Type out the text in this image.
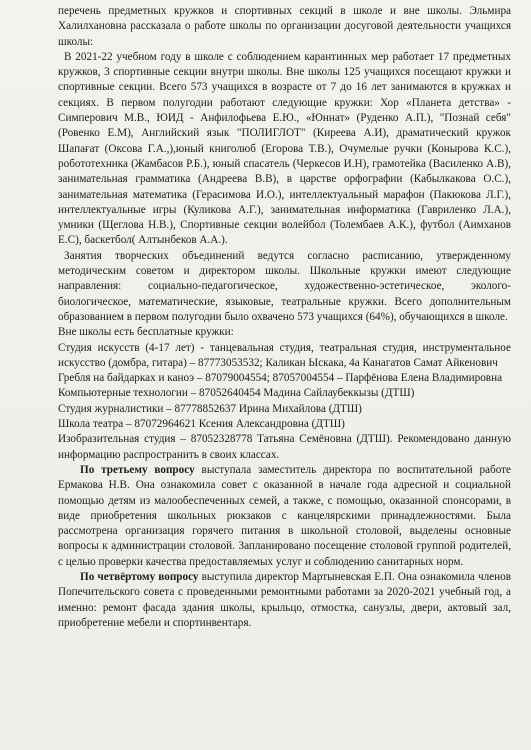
перечень предметных кружков и спортивных секций в школе и вне школы. Эльмира Халилхановна рассказала о работе школы по организации досуговой деятельности учащихся школы:

В 2021-22 учебном году в школе с соблюдением карантинных мер работает 17 предметных кружков, 3 спортивные секции внутри школы. Вне школы 125 учащихся посещают кружки и спортивные секции. Всего 573 учащихся в возрасте от 7 до 16 лет занимаются в кружках и секциях. В первом полугодии работают следующие кружки: Хор «Планета детства» - Симперович М.В., ЮИД - Анфилофьева Е.Ю., «Юннат» (Руденко А.П.), "Познай себя" (Ровенко Е.М), Английский язык "ПОЛИГЛОТ" (Киреева А.И), драматический кружок Шапағат (Оксова Г.А.,),юный книголюб (Егорова Т.В.), Очумелые ручки (Конырова К.С.), робототехника (Жамбасов Р.Б.), юный спасатель (Черкесов И.Н), грамотейка (Василенко А.В), занимательная грамматика (Андреева В.В), в царстве орфографии (Кабылкакова О.С.), занимательная математика (Герасимова И.О.), интеллектуальный марафон (Пакюкова Л.Г.), интеллектуальные игры (Куликова А.Г.), занимательная информатика (Гавриленко Л.А.), умники (Щеглова Н.В.), Спортивные секции волейбол (Толембаев А.К.), футбол (Аимханов Е.С), баскетбол( Алтынбеков А.А.).

Занятия творческих объединений ведутся согласно расписанию, утвержденному методическим советом и директором школы. Школьные кружки имеют следующие направления: социально-педагогическое, художественно-эстетическое, эколого-биологическое, математические, языковые, театральные кружки. Всего дополнительным образованием в первом полугодии было охвачено 573 учащихся (64%), обучающихся в школе.

Вне школы есть бесплатные кружки:

Студия искусств (4-17 лет) - танцевальная студия, театральная студия, инструментальное искусство (домбра, гитара) – 87773053532; Каликан Ыскака, 4а Канагатов Самат Айкенович

Гребля на байдарках и каноэ – 87079004554; 87057004554 – Парфёнова Елена Владимировна

Компьютерные технологии – 87052640454 Мадина Сайлаубеккызы (ДТШ)

Студия журналистики – 87778852637 Ирина Михайлова (ДТШ)

Школа театра – 87072964621 Ксения Александровна (ДТШ)

Изобразительная студия – 87052328778 Татьяна Семёновна (ДТШ). Рекомендовано данную информацию распространить в своих классах.

По третьему вопросу выступала заместитель директора по воспитательной работе Ермакова Н.В. Она ознакомила совет с оказанной в начале года адресной и социальной помощью детям из малообеспеченных семей, а также, с помощью, оказанной спонсорами, в виде приобретения школьных рюкзаков с канцелярскими принадлежностями. Была рассмотрена организация горячего питания в школьной столовой, выделены основные вопросы к администрации столовой. Запланировано посещение столовой группой родителей, с целью проверки качества предоставляемых услуг и соблюдению санитарных норм.

По четвёртому вопросу выступила директор Мартыневская Е.П. Она ознакомила членов Попечительского совета с проведенными ремонтными работами за 2020-2021 учебный год, а именно: ремонт фасада здания школы, крыльцо, отмостка, санузлы, двери, актовый зал, приобретение мебели и спортинвентаря.
